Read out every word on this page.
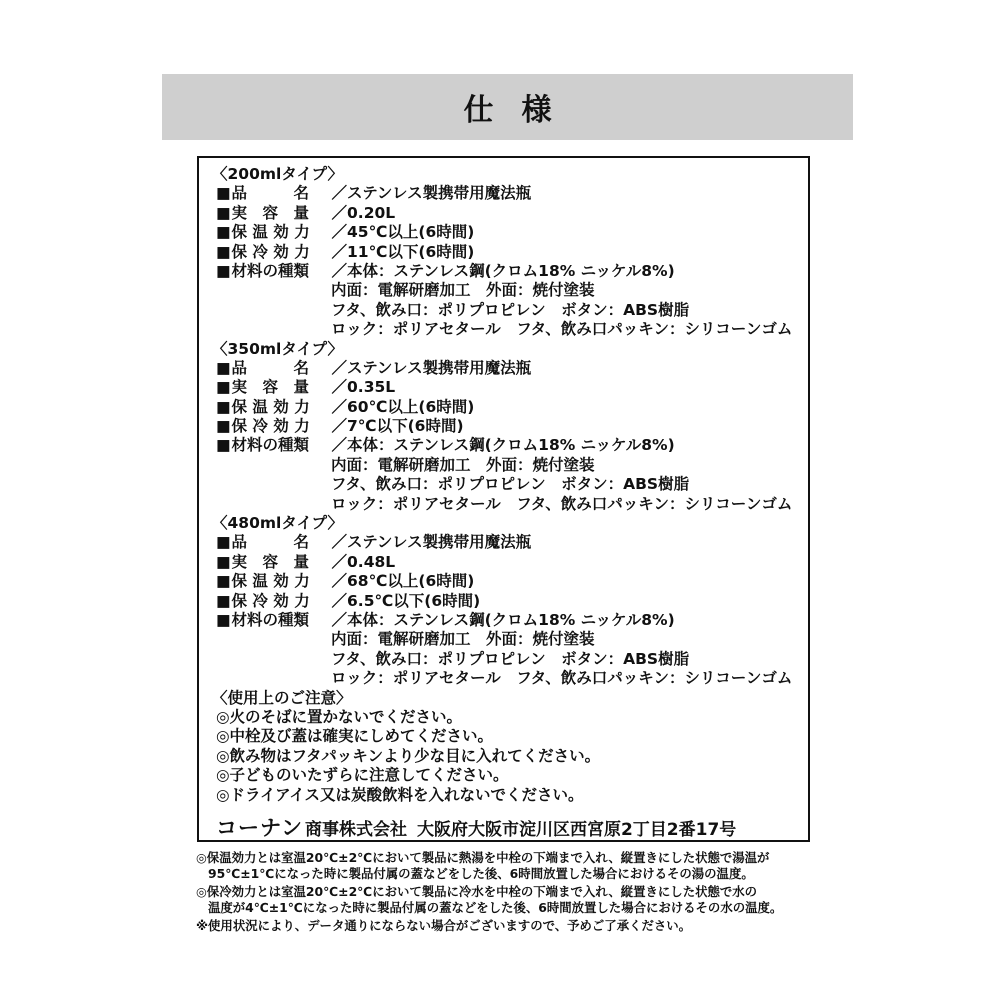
仕様
〈200mlタイプ〉
■品　　　名 ／ステンレス製携帯用魔法瓶
■実　容　量 ／0.20L
■保 温 効 力 ／45℃以上(6時間)
■保 冷 効 力 ／11℃以下(6時間)
■材料の種類 ／本体：ステンレス鋼(クロム18% ニッケル8%)
内面：電解研磨加工　外面：焼付塗装
フタ、飲み口：ポリプロピレン　ボタン：ABS樹脂
ロック：ポリアセタール　フタ、飲み口パッキン：シリコーンゴム
〈350mlタイプ〉
■品　　　名 ／ステンレス製携帯用魔法瓶
■実　容　量 ／0.35L
■保 温 効 力 ／60℃以上(6時間)
■保 冷 効 力 ／7℃以下(6時間)
■材料の種類 ／本体：ステンレス鋼(クロム18% ニッケル8%)
内面：電解研磨加工　外面：焼付塗装
フタ、飲み口：ポリプロピレン　ボタン：ABS樹脂
ロック：ポリアセタール　フタ、飲み口パッキン：シリコーンゴム
〈480mlタイプ〉
■品　　　名 ／ステンレス製携帯用魔法瓶
■実　容　量 ／0.48L
■保 温 効 力 ／68℃以上(6時間)
■保 冷 効 力 ／6.5℃以下(6時間)
■材料の種類 ／本体：ステンレス鋼(クロム18% ニッケル8%)
内面：電解研磨加工　外面：焼付塗装
フタ、飲み口：ポリプロピレン　ボタン：ABS樹脂
ロック：ポリアセタール　フタ、飲み口パッキン：シリコーンゴム
〈使用上のご注意〉
◎火のそばに置かないでください。
◎中栓及び蓋は確実にしめてください。
◎飲み物はフタパッキンより少な目に入れてください。
◎子どものいたずらに注意してください。
◎ドライアイス又は炭酸飲料を入れないでください。
コーナン 商事株式会社 大阪府大阪市淀川区西宮原2丁目2番17号
◎保温効力とは室温20℃±2℃において製品に熱湯を中栓の下端まで入れ、縦置きにした状態で湯温が
95℃±1℃になった時に製品付属の蓋などをした後、6時間放置した場合におけるその湯の温度。
◎保冷効力とは室温20℃±2℃において製品に冷水を中栓の下端まで入れ、縦置きにした状態で水の
温度が4℃±1℃になった時に製品付属の蓋などをした後、6時間放置した場合におけるその水の温度。
※使用状況により、データ通りにならない場合がございますので、予めご了承ください。
